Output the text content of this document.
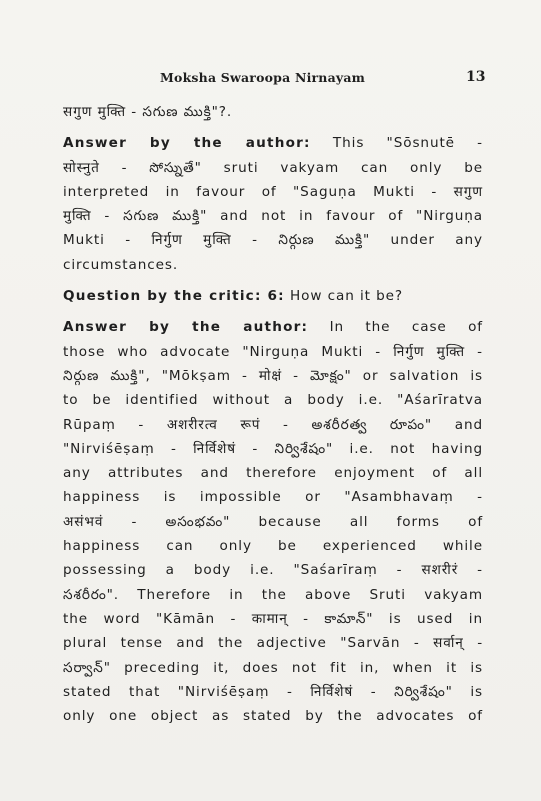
Moksha Swaroopa Nirnayam	13

सगुण मुक्ति - సగుణ ముక్తి"?.

Answer by the author: This "Sōsnutē -
सोस्नुते - సోస్నుతే" sruti vakyam can only be
interpreted in favour of "Saguṇa Mukti - सगुण
मुक्ति - సగుణ ముక్తి" and not in favour of "Nirguṇa
Mukti - निर्गुण मुक्ति - నిర్గుణ ముక్తి" under any
circumstances.

Question by the critic: 6: How can it be?

Answer by the author: In the case of
those who advocate "Nirguṇa Mukti - निर्गुण मुक्ति -
నిర్గుణ ముక్తి", "Mōkṣam - मोक्षं - మోక్షం" or salvation is
to be identified without a body i.e. "Aśarīratva
Rūpaṃ - अशरीरत्व रूपं - అశరీరత్వ రూపం" and
"Nirviśēṣaṃ - निर्विशेषं - నిర్విశేషం" i.e. not having
any attributes and therefore enjoyment of all
happiness is impossible or "Asambhavaṃ -
असंभवं - అసంభవం" because all forms of
happiness can only be experienced while
possessing a body i.e. "Saśarīraṃ - सशरीरं -
సశరీరం". Therefore in the above Sruti vakyam
the word "Kāmān - कामान् - కామాన్" is used in
plural tense and the adjective "Sarvān - सर्वान् -
సర్వాన్" preceding it, does not fit in, when it is
stated that "Nirviśēṣaṃ - निर्विशेषं - నిర్విశేషం" is
only one object as stated by the advocates of
